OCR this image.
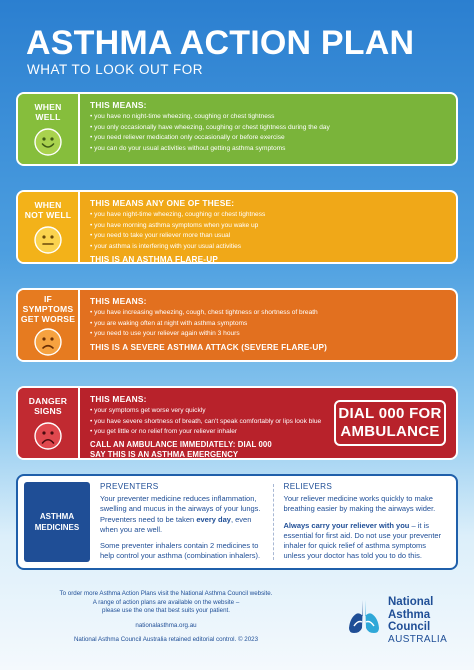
ASTHMA ACTION PLAN
WHAT TO LOOK OUT FOR
WHEN
WELL
THIS MEANS:
• you have no night-time wheezing, coughing or chest tightness
• you only occasionally have wheezing, coughing or chest tightness during the day
• you need reliever medication only occasionally or before exercise
• you can do your usual activities without getting asthma symptoms
WHEN
NOT WELL
THIS MEANS ANY ONE OF THESE:
• you have night-time wheezing, coughing or chest tightness
• you have morning asthma symptoms when you wake up
• you need to take your reliever more than usual
• your asthma is interfering with your usual activities
THIS IS AN ASTHMA FLARE-UP
IF
SYMPTOMS
GET WORSE
THIS MEANS:
• you have increasing wheezing, cough, chest tightness or shortness of breath
• you are waking often at night with asthma symptoms
• you need to use your reliever again within 3 hours
THIS IS A SEVERE ASTHMA ATTACK (SEVERE FLARE-UP)
DANGER
SIGNS
THIS MEANS:
• your symptoms get worse very quickly
• you have severe shortness of breath, can't speak comfortably or lips look blue
• you get little or no relief from your reliever inhaler
CALL AN AMBULANCE IMMEDIATELY: DIAL 000
SAY THIS IS AN ASTHMA EMERGENCY
DIAL 000 FOR
AMBULANCE
ASTHMA
MEDICINES
PREVENTERS

Your preventer medicine reduces inflammation, swelling and mucus in the airways of your lungs. Preventers need to be taken every day, even when you are well.

Some preventer inhalers contain 2 medicines to help control your asthma (combination inhalers).

RELIEVERS

Your reliever medicine works quickly to make breathing easier by making the airways wider.

Always carry your reliever with you – it is essential for first aid. Do not use your preventer inhaler for quick relief of asthma symptoms unless your doctor has told you to do this.

To order more Asthma Action Plans visit the National Asthma Council website.
A range of action plans are available on the website –
please use the one that best suits your patient.
nationalasthma.org.au
National Asthma Council Australia retained editorial control. © 2023
National
Asthma
Council
AUSTRALIA
